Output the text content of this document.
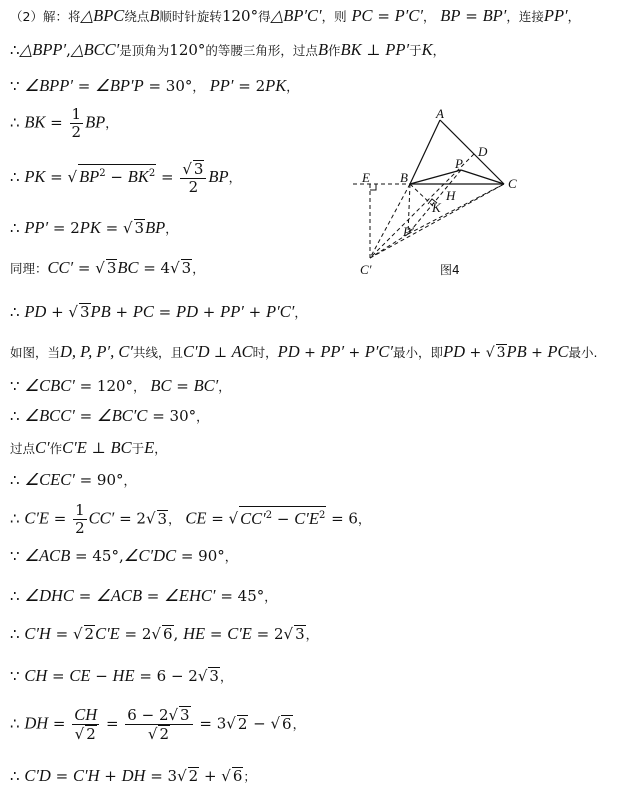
（2）解：将△BPC绕点B顺时针旋转120°得△BP′C′，则 PC = P′C′， BP = BP′，连接PP′，
∴△BPP′,△BCC′是顶角为120°的等腰三角形，过点B作BK ⊥ PP′于K，
∵ ∠BPP′ = ∠BP′P = 30°， PP′ = 2PK，
∴ BK = $\frac{1}{2}$ BP，
∴ PK = √ $BP^2 - BK^2 = \frac{√ 3}{2}$ BP，
∴ PP′ = 2PK = √ 3BP，
同理：CC′ = √ 3BC = 4√ 3，
∴ PD + √ 3PB + PC = PD + PP′ + P′C′，
如图，当D, P, P′, C′共线，且C′D ⊥ AC时，PD + PP′ + P′C′最小，即PD + √ 3PB + PC最小.
∵ ∠CBC′ = 120°， BC = BC′，
∴ ∠BCC′ = ∠BC′C = 30°，
过点C′作C′E ⊥ BC于E，
∴ ∠CEC′ = 90°，
∴ $C'E = \frac{1}{2} CC' = 2√$ 3， CE = √ $CC'^2 - C'E^2 = 6$，
∵ ∠ACB = 45°,∠C′DC = 90°，
∴ ∠DHC = ∠ACB = ∠EHC′ = 45°，
∴ C′H = √ 2C′E = 2√ 6, HE = C′E = 2√ 3，
∵ CH = CE − HE = 6 − 2√ 3，
∴ DH = $\frac{CH}{√ 2} = \frac{6 - 2√ 3}{√ 2} = 3√$ 2 − √ 6，
∴ C′D = C′H + DH = 3√ 2 + √ 6；
A
B	C
D
P
H
K
E
P′
C′	图4
